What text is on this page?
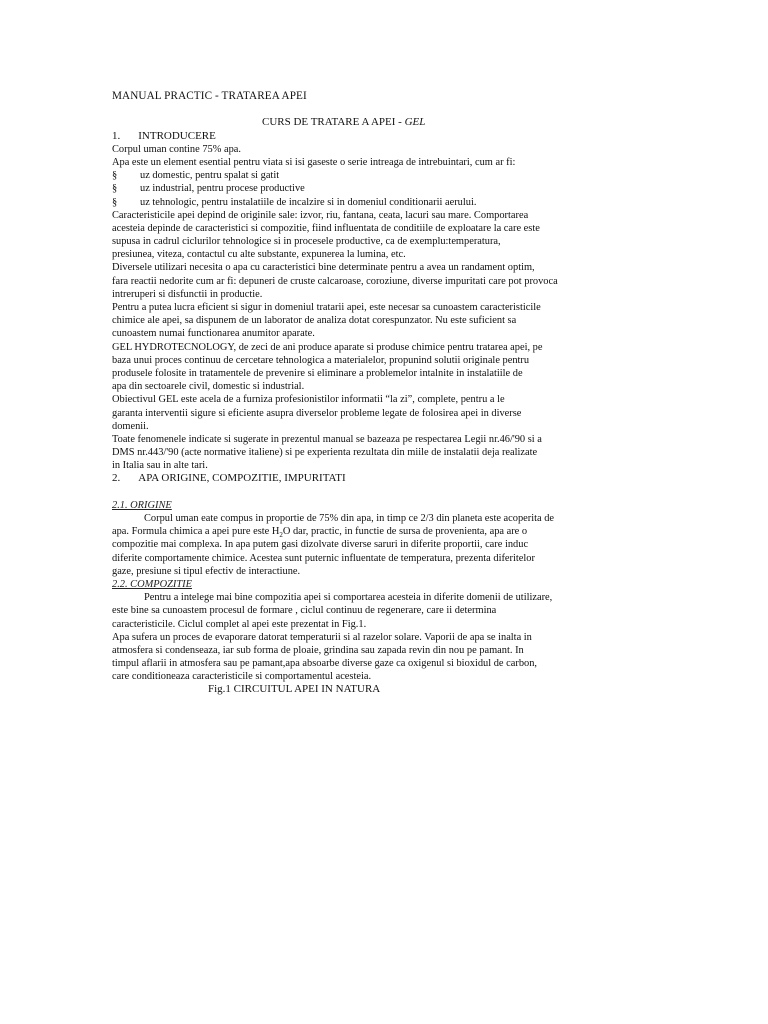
MANUAL PRACTIC - TRATAREA APEI
CURS DE TRATARE A APEI - GEL
1. INTRODUCERE
Corpul uman contine 75% apa.
Apa este un element esential pentru viata si isi gaseste o serie intreaga de intrebuintari, cum ar fi:
§ uz domestic, pentru spalat si gatit
§ uz industrial, pentru procese productive
§ uz tehnologic, pentru instalatiile de incalzire si in domeniul conditionarii aerului.
Caracteristicile apei depind de originile sale: izvor, riu, fantana, ceata, lacuri sau mare. Comportarea
acesteia depinde de caracteristici si compozitie, fiind influentata de conditiile de exploatare la care este
supusa in cadrul ciclurilor tehnologice si in procesele productive, ca de exemplu:temperatura,
presiunea, viteza, contactul cu alte substante, expunerea la lumina, etc.
Diversele utilizari necesita o apa cu caracteristici bine determinate pentru a avea un randament optim,
fara reactii nedorite cum ar fi: depuneri de cruste calcaroase, coroziune, diverse impuritati care pot provoca
intreruperi si disfunctii in productie.
Pentru a putea lucra eficient si sigur in domeniul tratarii apei, este necesar sa cunoastem caracteristicile
chimice ale apei, sa dispunem de un laborator de analiza dotat corespunzator. Nu este suficient sa
cunoastem numai functionarea anumitor aparate.
GEL HYDROTECNOLOGY, de zeci de ani produce aparate si produse chimice pentru tratarea apei, pe
baza unui proces continuu de cercetare tehnologica a materialelor, propunind solutii originale pentru
produsele folosite in tratamentele de prevenire si eliminare a problemelor intalnite in instalatiile de
apa din sectoarele civil, domestic si industrial.
Obiectivul GEL este acela de a furniza profesionistilor informatii “la zi”, complete, pentru a le
garanta interventii sigure si eficiente asupra diverselor probleme legate de folosirea apei in diverse
domenii.
Toate fenomenele indicate si sugerate in prezentul manual se bazeaza pe respectarea Legii nr.46/'90 si a
DMS nr.443/'90 (acte normative italiene) si pe experienta rezultata din miile de instalatii deja realizate
in Italia sau in alte tari.
2. APA ORIGINE, COMPOZITIE, IMPURITATI
2.1. ORIGINE
Corpul uman eate compus in proportie de 75% din apa, in timp ce 2/3 din planeta este acoperita de
apa. Formula chimica a apei pure este $H_2O$ dar, practic, in functie de sursa de provenienta, apa are o
compozitie mai complexa. In apa putem gasi dizolvate diverse saruri in diferite proportii, care induc
diferite comportamente chimice. Acestea sunt puternic influentate de temperatura, prezenta diferitelor
gaze, presiune si tipul efectiv de interactiune.
2.2. COMPOZITIE
Pentru a intelege mai bine compozitia apei si comportarea acesteia in diferite domenii de utilizare,
este bine sa cunoastem procesul de formare , ciclul continuu de regenerare, care ii determina
caracteristicile. Ciclul complet al apei este prezentat in Fig.1.
Apa sufera un proces de evaporare datorat temperaturii si al razelor solare. Vaporii de apa se inalta in
atmosfera si condenseaza, iar sub forma de ploaie, grindina sau zapada revin din nou pe pamant. In
timpul aflarii in atmosfera sau pe pamant,apa absoarbe diverse gaze ca oxigenul si bioxidul de carbon,
care conditioneaza caracteristicile si comportamentul acesteia.
Fig.1 CIRCUITUL APEI IN NATURA
